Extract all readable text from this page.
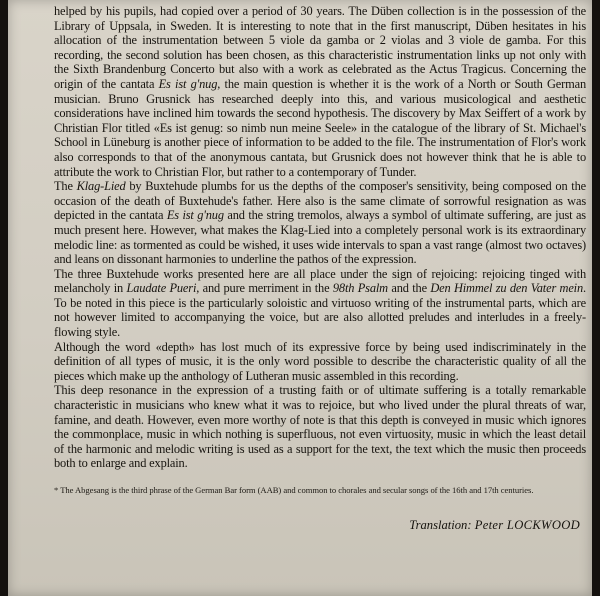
helped by his pupils, had copied over a period of 30 years. The Düben collection is in the possession of the Library of Uppsala, in Sweden. It is interesting to note that in the first manuscript, Düben hesitates in his allocation of the instrumentation between 5 viole da gamba or 2 violas and 3 viole de gamba. For this recording, the second solution has been chosen, as this characteristic instrumentation links up not only with the Sixth Brandenburg Concerto but also with a work as celebrated as the Actus Tragicus. Concerning the origin of the cantata Es ist g'nug, the main question is whether it is the work of a North or South German musician. Bruno Grusnick has researched deeply into this, and various musicological and aesthetic considerations have inclined him towards the second hypothesis. The discovery by Max Seiffert of a work by Christian Flor titled «Es ist genug: so nimb nun meine Seele» in the catalogue of the library of St. Michael's School in Lüneburg is another piece of information to be added to the file. The instrumentation of Flor's work also corresponds to that of the anonymous cantata, but Grusnick does not however think that he is able to attribute the work to Christian Flor, but rather to a contemporary of Tunder.

The Klag-Lied by Buxtehude plumbs for us the depths of the composer's sensitivity, being composed on the occasion of the death of Buxtehude's father. Here also is the same climate of sorrowful resignation as was depicted in the cantata Es ist g'nug and the string tremolos, always a symbol of ultimate suffering, are just as much present here. However, what makes the Klag-Lied into a completely personal work is its extraordinary melodic line: as tormented as could be wished, it uses wide intervals to span a vast range (almost two octaves) and leans on dissonant harmonies to underline the pathos of the expression.

The three Buxtehude works presented here are all place under the sign of rejoicing: rejoicing tinged with melancholy in Laudate Pueri, and pure merriment in the 98th Psalm and the Den Himmel zu den Vater mein. To be noted in this piece is the particularly soloistic and virtuoso writing of the instrumental parts, which are not however limited to accompanying the voice, but are also allotted preludes and interludes in a freely-flowing style.

Although the word «depth» has lost much of its expressive force by being used indiscriminately in the definition of all types of music, it is the only word possible to describe the characteristic quality of all the pieces which make up the anthology of Lutheran music assembled in this recording.

This deep resonance in the expression of a trusting faith or of ultimate suffering is a totally remarkable characteristic in musicians who knew what it was to rejoice, but who lived under the plural threats of war, famine, and death. However, even more worthy of note is that this depth is conveyed in music which ignores the commonplace, music in which nothing is superfluous, not even virtuosity, music in which the least detail of the harmonic and melodic writing is used as a support for the text, the text which the music then proceeds both to enlarge and explain.

* The Abgesang is the third phrase of the German Bar form (AAB) and common to chorales and secular songs of the 16th and 17th centuries.
Translation: Peter LOCKWOOD
